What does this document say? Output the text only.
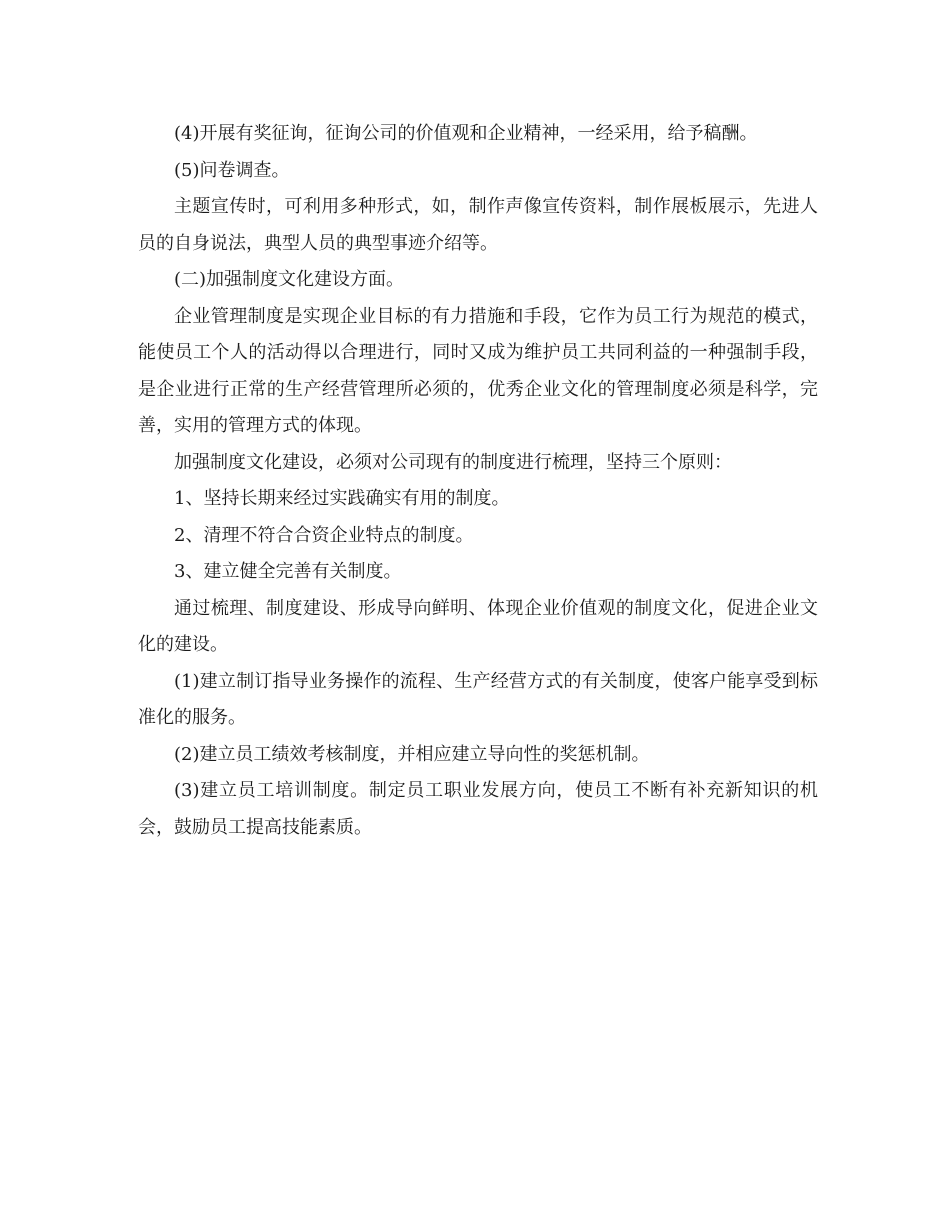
(4)开展有奖征询，征询公司的价值观和企业精神，一经采用，给予稿酬。

(5)问卷调查。

主题宣传时，可利用多种形式，如，制作声像宣传资料，制作展板展示，先进人员的自身说法，典型人员的典型事迹介绍等。

(二)加强制度文化建设方面。

企业管理制度是实现企业目标的有力措施和手段，它作为员工行为规范的模式，能使员工个人的活动得以合理进行，同时又成为维护员工共同利益的一种强制手段，是企业进行正常的生产经营管理所必须的，优秀企业文化的管理制度必须是科学，完善，实用的管理方式的体现。

加强制度文化建设，必须对公司现有的制度进行梳理，坚持三个原则：

1、坚持长期来经过实践确实有用的制度。

2、清理不符合合资企业特点的制度。

3、建立健全完善有关制度。

通过梳理、制度建设、形成导向鲜明、体现企业价值观的制度文化，促进企业文化的建设。

(1)建立制订指导业务操作的流程、生产经营方式的有关制度，使客户能享受到标准化的服务。

(2)建立员工绩效考核制度，并相应建立导向性的奖惩机制。

(3)建立员工培训制度。制定员工职业发展方向，使员工不断有补充新知识的机会，鼓励员工提高技能素质。
